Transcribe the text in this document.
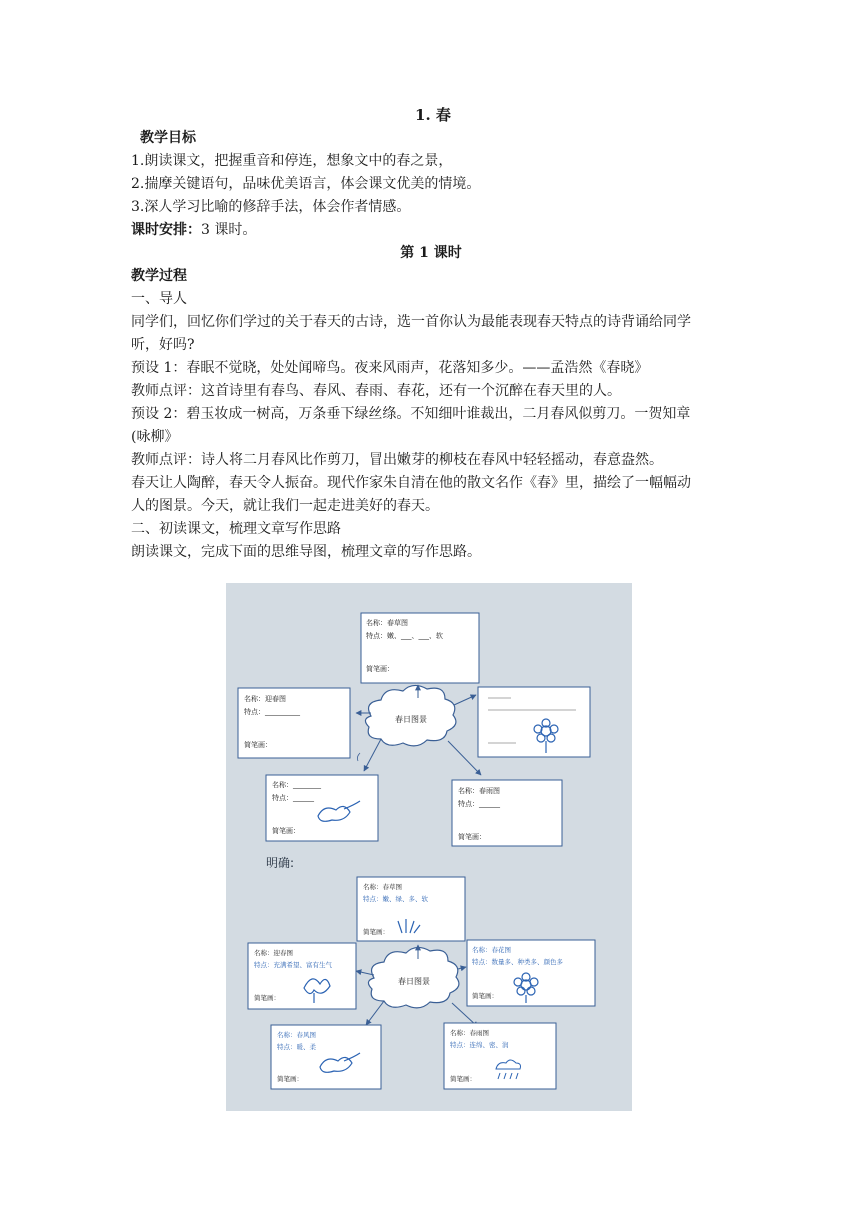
1. 春

教学目标

1.朗读课文，把握重音和停连，想象文中的春之景，

2.揣摩关键语句，品味优美语言，体会课文优美的情境。

3.深人学习比喻的修辞手法，体会作者情感。

课时安排：3 课时。

第 1 课时

教学过程

一、导人

同学们，回忆你们学过的关于春天的古诗，选一首你认为最能表现春天特点的诗背诵给同学

听，好吗?

预设 1：春眠不觉晓，处处闻啼鸟。夜来风雨声，花落知多少。——孟浩然《春晓》

教师点评：这首诗里有春鸟、春风、春雨、春花，还有一个沉醉在春天里的人。

预设 2：碧玉妆成一树高，万条垂下绿丝绦。不知细叶谁裁出，二月春风似剪刀。一贺知章

(咏柳》

教师点评：诗人将二月春风比作剪刀，冒出嫩芽的柳枝在春风中轻轻摇动，春意盎然。

春天让人陶醉，春天令人振奋。现代作家朱自清在他的散文名作《春》里，描绘了一幅幅动

人的图景。今天，就让我们一起走进美好的春天。

二、初读课文，梳理文章写作思路

朗读课文，完成下面的思维导图，梳理文章的写作思路。

春日图景
名称：春草图
特点：嫩、___、___、软
简笔画：
名称：迎春图
特点：__________
简笔画：
名称：________
特点：______
简笔画：
名称：春雨图
特点：______
简笔画：
明确:
春日图景
名称：春草图
特点：嫩、绿、多、软
简笔画：
名称：迎春图
特点：充满希望、富有生气
简笔画：
名称：春花图
特点：数量多、种类多、颜色多
简笔画：
名称：春风图
特点：暖、柔
简笔画：
名称：春雨图
特点：连绵、密、润
简笔画：
